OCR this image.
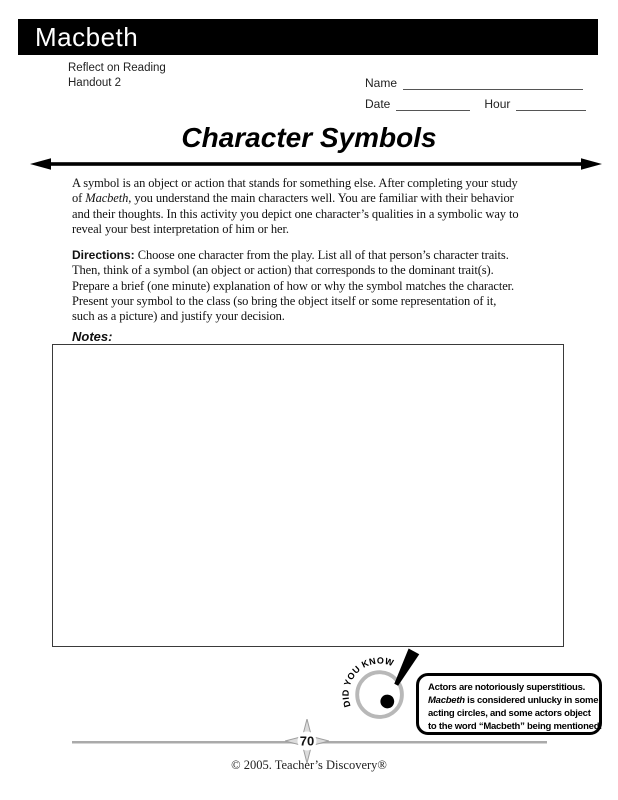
Macbeth
Reflect on Reading
Handout 2	Name
Date	Hour
Character Symbols
A symbol is an object or action that stands for something else. After completing your study
of Macbeth, you understand the main characters well. You are familiar with their behavior
and their thoughts. In this activity you depict one character’s qualities in a symbolic way to
reveal your best interpretation of him or her.
Directions: Choose one character from the play. List all of that person’s character traits.
Then, think of a symbol (an object or action) that corresponds to the dominant trait(s).
Prepare a brief (one minute) explanation of how or why the symbol matches the character.
Present your symbol to the class (so bring the object itself or some representation of it,
such as a picture) and justify your decision.
Notes:
DID YOU KNOW
Actors are notoriously superstitious.
Macbeth is considered unlucky in some
acting circles, and some actors object
to the word “Macbeth” being mentioned.
70
© 2005. Teacher’s Discovery®
